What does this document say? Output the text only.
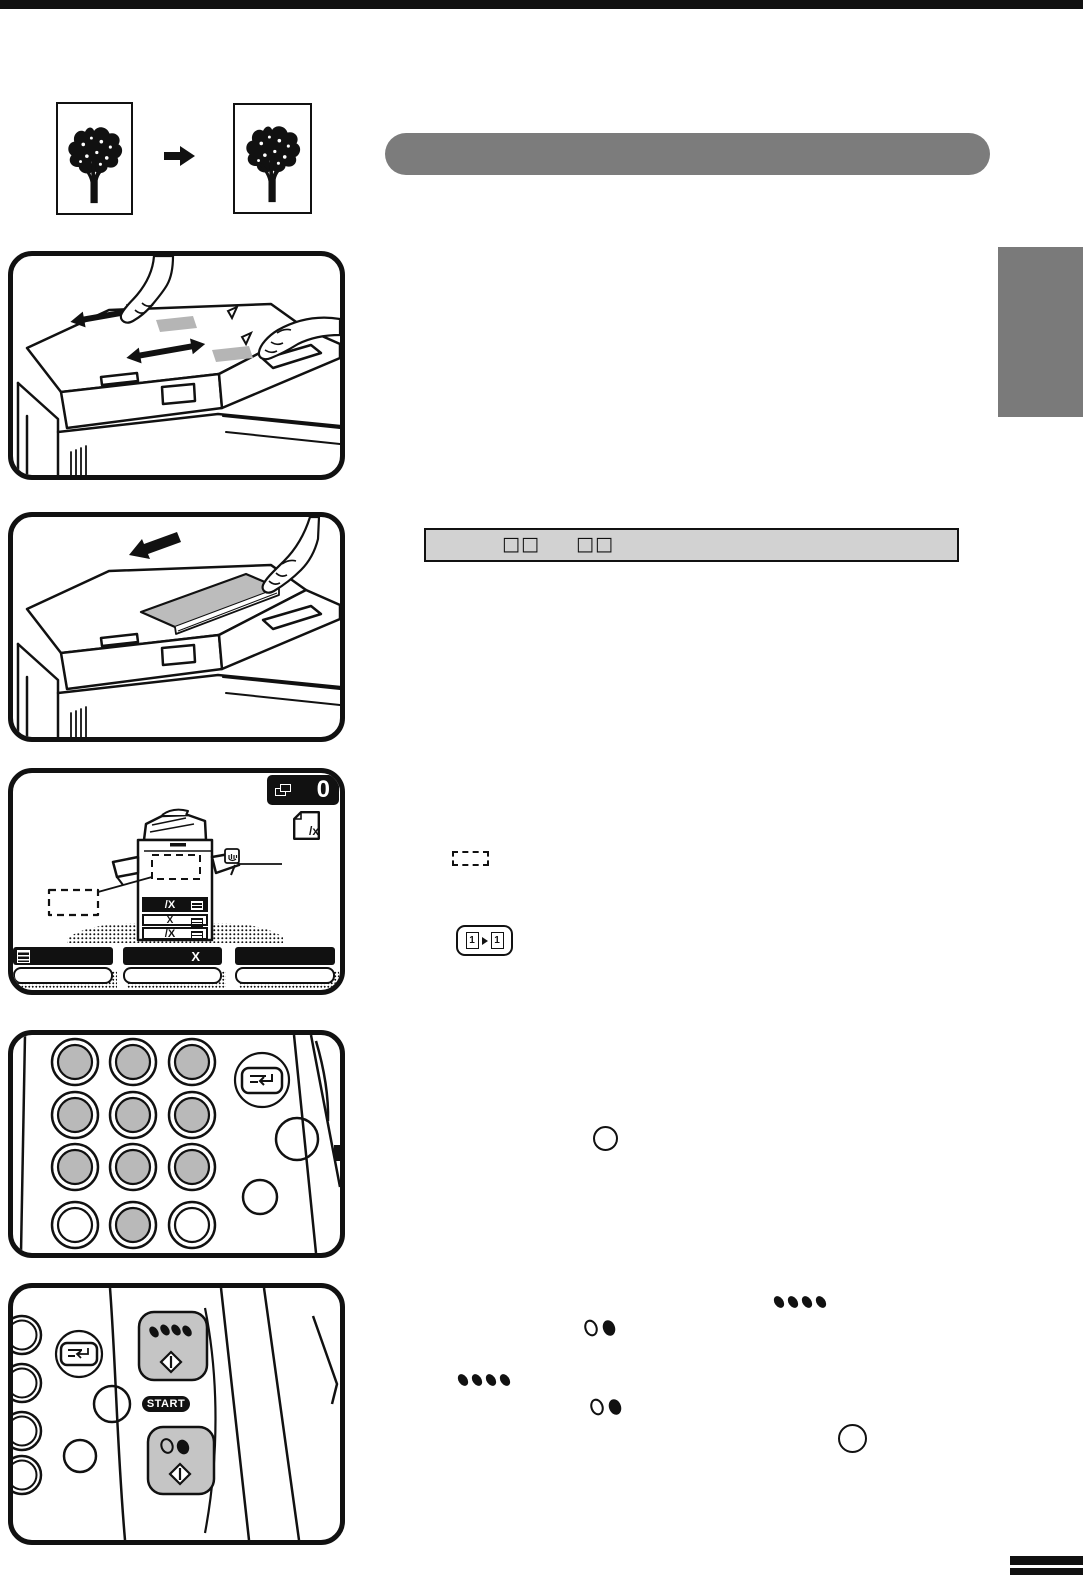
□□ □□
0
/x
/X
X
/X
X
1	1
START
